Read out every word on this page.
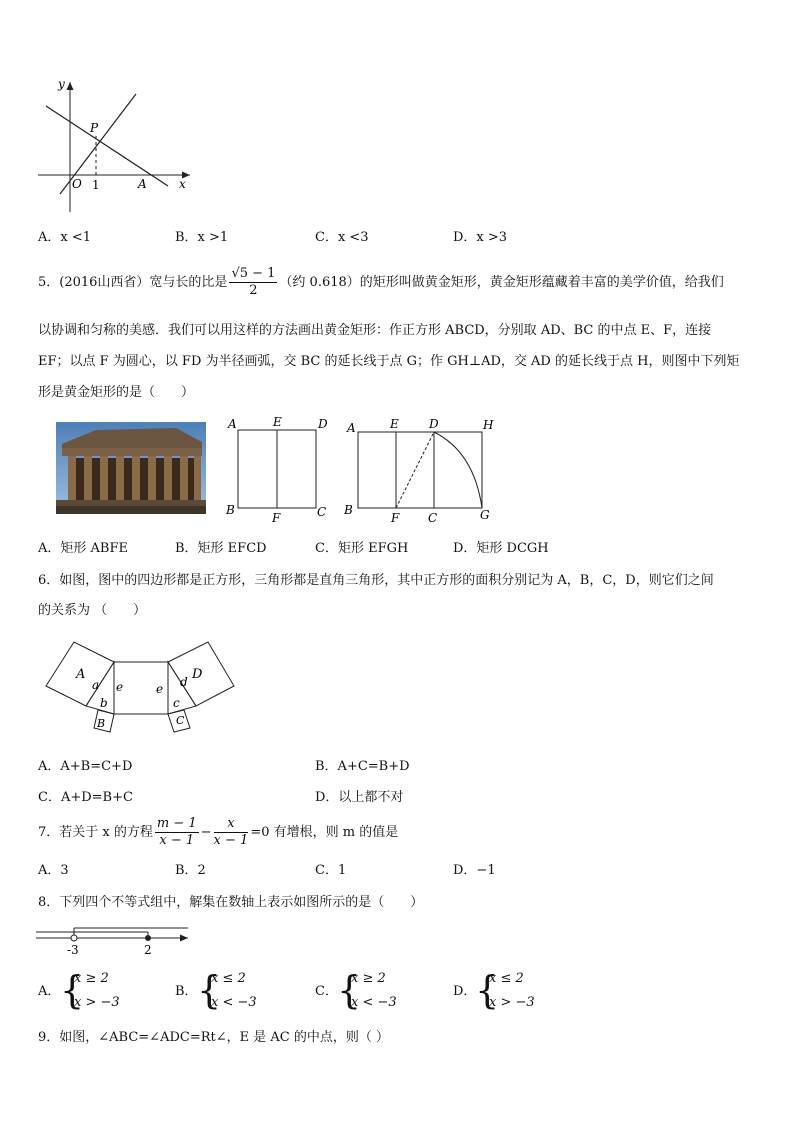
y
x
O
P
1	A
A．x <1	B．x >1	C．x <3	D．x >3
5．(2016山西省）宽与长的比是 $\frac{√5 - 1}{2}$ （约 0.618）的矩形叫做黄金矩形，黄金矩形蕴藏着丰富的美学价值，给我们
以协调和匀称的美感．我们可以用这样的方法画出黄金矩形：作正方形 ABCD，分别取 AD、BC 的中点 E、F，连接
EF；以点 F 为圆心，以 FD 为半径画弧，交 BC 的延长线于点 G；作 GH⊥AD，交 AD 的延长线于点 H，则图中下列矩
形是黄金矩形的是（　　）
A	E	D
B
F	C
A	E	D	H
B
F C	G
A．矩形 ABFE	B．矩形 EFCD	C．矩形 EFGH	D．矩形 DCGH
6．如图，图中的四边形都是正方形，三角形都是直角三角形，其中正方形的面积分别记为 A，B，C，D，则它们之间
的关系为 （　　）
A
a
b
B
e	e d D
c
C
A．A+B=C+D	B．A+C=B+D
C．A+D=B+C	D．以上都不对
7．若关于 x 的方程 $\frac{m - 1}{x - 1} - \frac{x}{x - 1} =0$ 有增根，则 m 的值是
A．3	B．2	C．1	D．−1
8．下列四个不等式组中，解集在数轴上表示如图所示的是（　　）
-3	2
A． {
x ≥ 2
x > −3
B． {
x ≤ 2
x < −3
C． {
x ≥ 2
x < −3
D．
{
x ≤ 2
x > −3
9．如图，∠ABC=∠ADC=Rt∠，E 是 AC 的中点，则（ ）
